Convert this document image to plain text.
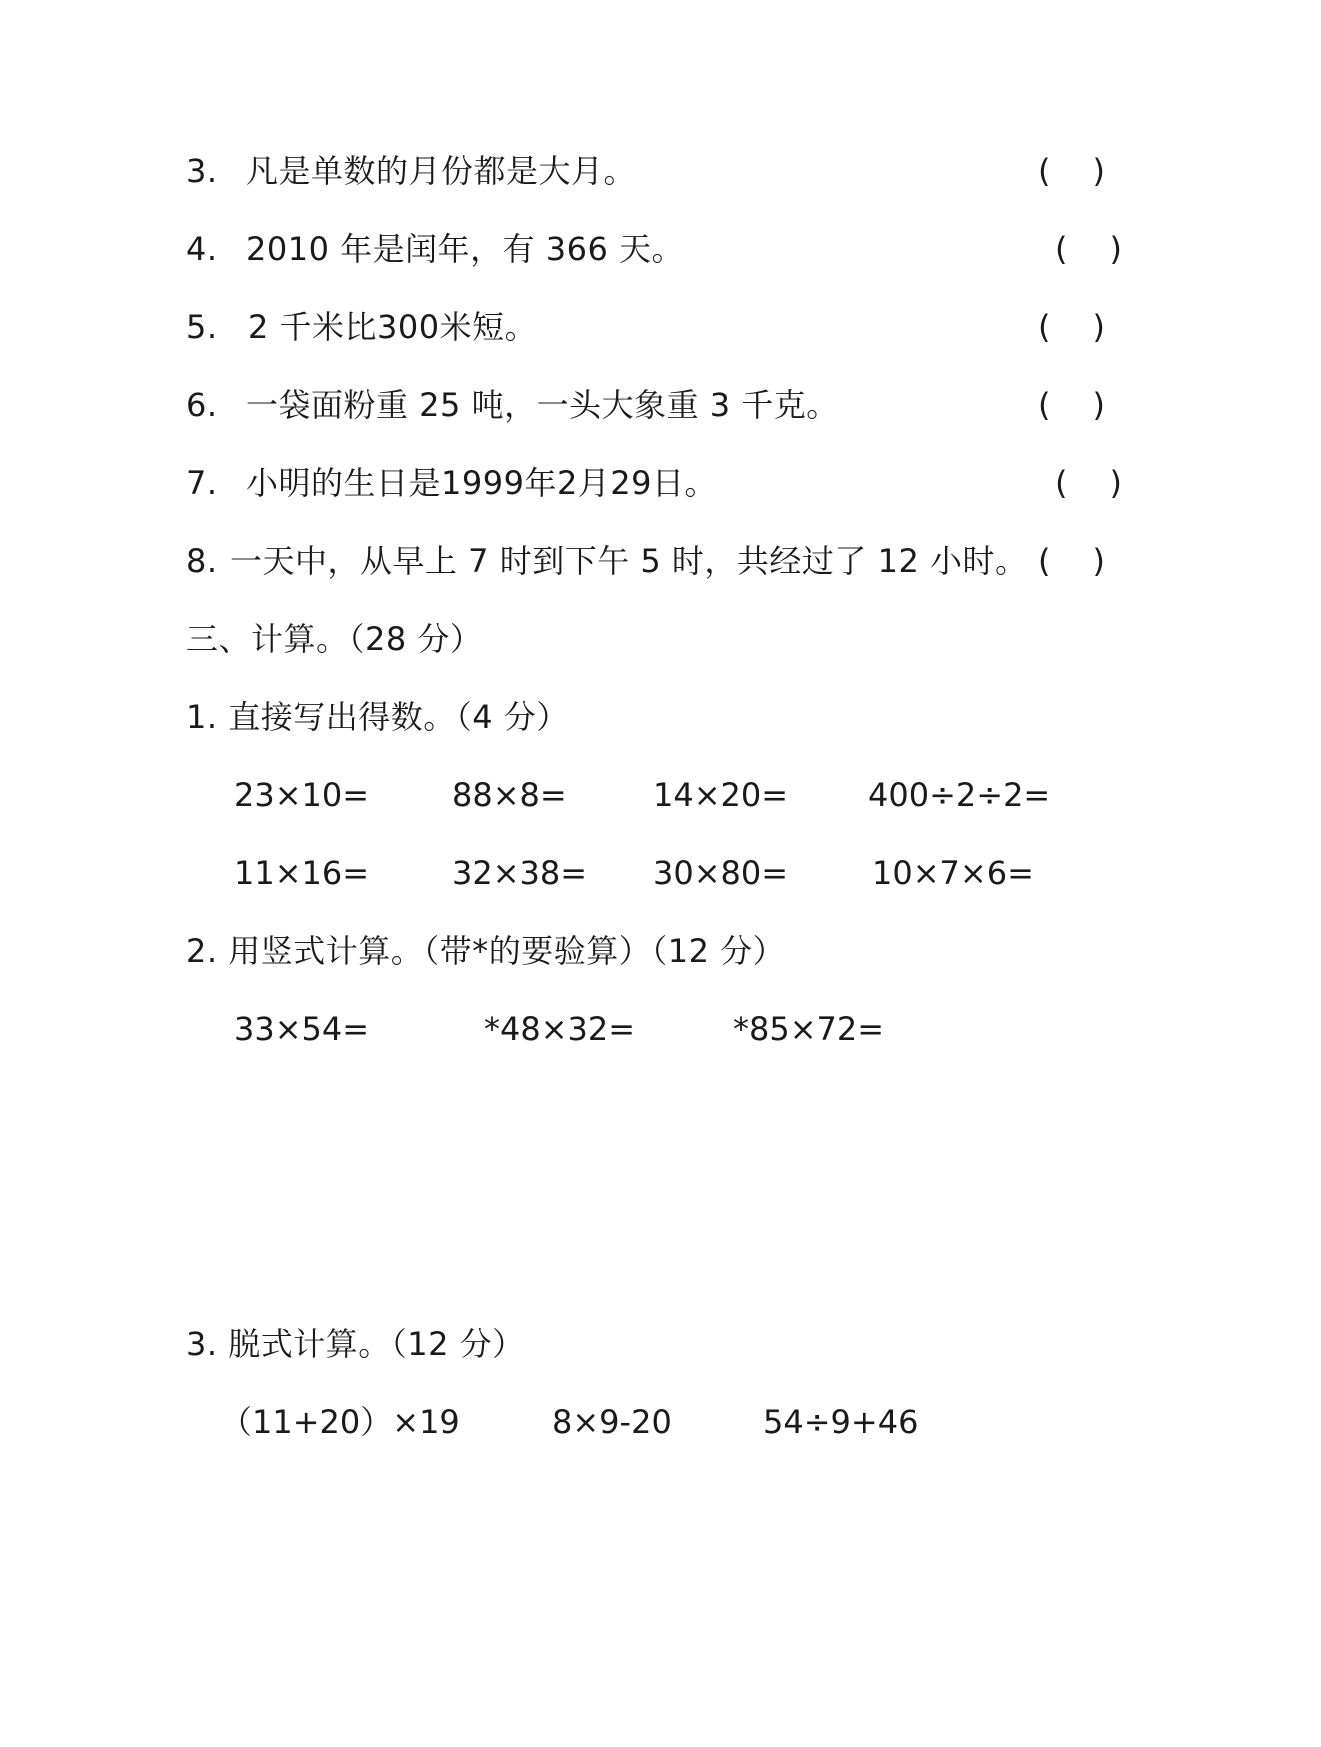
3. 凡是单数的月份都是大月。	( )
4. 2010 年是闰年，有 366 天。	( )
5. 2 千米比300米短。	( )
6. 一袋面粉重 25 吨，一头大象重 3 千克。	( )
7. 小明的生日是1999年2月29日。	( )
8. 一天中，从早上 7 时到下午 5 时，共经过了 12 小时。 ( )
三、计算。（28 分）
1. 直接写出得数。（4 分）
23×10=	88×8=	14×20= 400÷2÷2=
11×16=	32×38= 30×80=	10×7×6=
2. 用竖式计算。（带*的要验算）（12 分）
33×54=	*48×32=	*85×72=
3. 脱式计算。（12 分）
（11+20）×19	8×9-20	54÷9+46
